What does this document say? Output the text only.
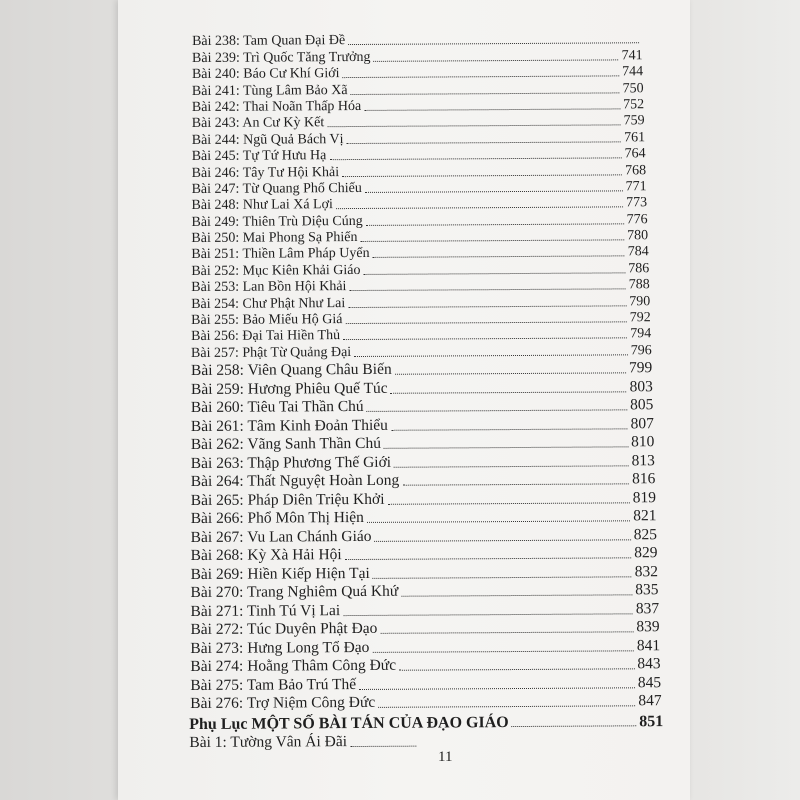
Bài 238: Tam Quan Đại Đề
Bài 239: Trì Quốc Tăng Trưởng	741
Bài 240: Báo Cư Khí Giới	744
Bài 241: Tùng Lâm Bảo Xã	750
Bài 242: Thai Noãn Thấp Hóa	752
Bài 243: An Cư Kỳ Kết	759
Bài 244: Ngũ Quả Bách Vị	761
Bài 245: Tự Tứ Hưu Hạ	764
Bài 246: Tây Tư Hội Khải	768
Bài 247: Từ Quang Phổ Chiếu	771
Bài 248: Như Lai Xá Lợi	773
Bài 249: Thiên Trù Diệu Cúng	776
Bài 250: Mai Phong Sạ Phiến	780
Bài 251: Thiền Lâm Pháp Uyển	784
Bài 252: Mục Kiên Khải Giáo	786
Bài 253: Lan Bồn Hội Khải	788
Bài 254: Chư Phật Như Lai	790
Bài 255: Bảo Miếu Hộ Giá	792
Bài 256: Đại Tai Hiền Thủ	794
Bài 257: Phật Từ Quảng Đại	796
Bài 258: Viên Quang Châu Biến	799
Bài 259: Hương Phiêu Quế Túc	803
Bài 260: Tiêu Tai Thần Chú	805
Bài 261: Tâm Kinh Đoản Thiểu	807
Bài 262: Vãng Sanh Thần Chú	810
Bài 263: Thập Phương Thế Giới	813
Bài 264: Thất Nguyệt Hoàn Long	816
Bài 265: Pháp Diên Triệu Khởi	819
Bài 266: Phổ Môn Thị Hiện	821
Bài 267: Vu Lan Chánh Giáo	825
Bài 268: Kỳ Xà Hải Hội	829
Bài 269: Hiền Kiếp Hiện Tại	832
Bài 270: Trang Nghiêm Quá Khứ	835
Bài 271: Tinh Tú Vị Lai	837
Bài 272: Túc Duyên Phật Đạo	839
Bài 273: Hưng Long Tổ Đạo	841
Bài 274: Hoằng Thâm Công Đức	843
Bài 275: Tam Bảo Trú Thế	845
Bài 276: Trợ Niệm Công Đức	847
Phụ Lục MỘT SỐ BÀI TÁN CỦA ĐẠO GIÁO	851
Bài 1: Tường Vân Ái Đãi
11
